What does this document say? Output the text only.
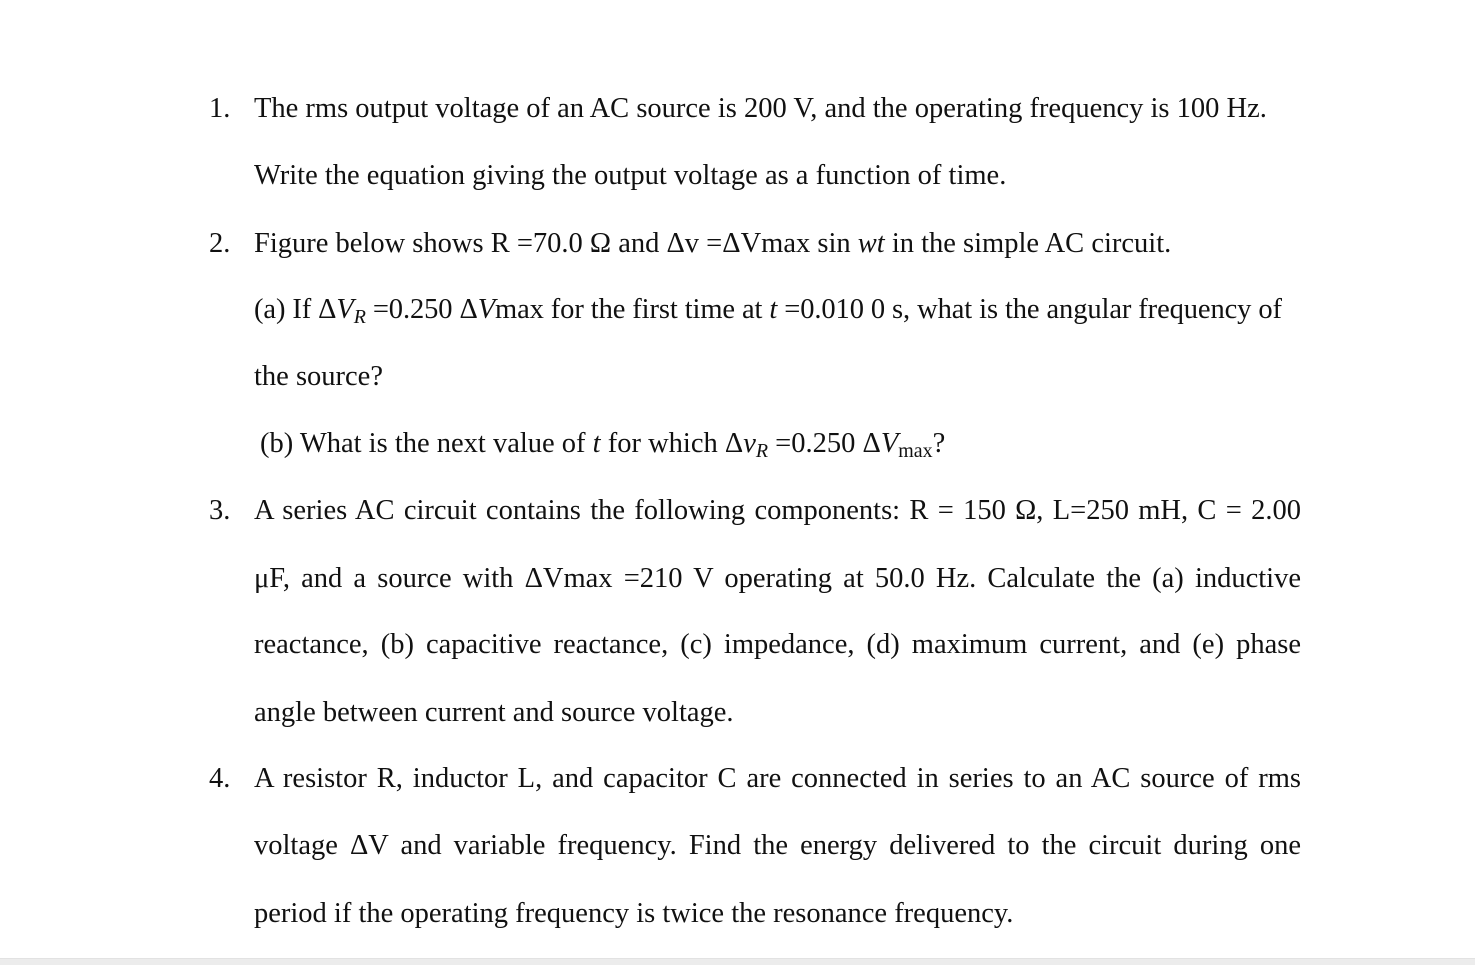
1. The rms output voltage of an AC source is 200 V, and the operating frequency is 100 Hz.
Write the equation giving the output voltage as a function of time.
2. Figure below shows R =70.0 Ω and Δv =ΔVmax sin wt in the simple AC circuit.
(a) If $\Delta V_R =0.250$ ΔVmax for the first time at t =0.010 0 s, what is the angular frequency of
the source?
(b) What is the next value of t for which $\Delta v_R =0.250$ $\Delta V_{max}$?
3. A series AC circuit contains the following components: R = 150 Ω, L=250 mH, C = 2.00
μF, and a source with ΔVmax =210 V operating at 50.0 Hz. Calculate the (a) inductive
reactance, (b) capacitive reactance, (c) impedance, (d) maximum current, and (e) phase
angle between current and source voltage.
4. A resistor R, inductor L, and capacitor C are connected in series to an AC source of rms
voltage ΔV and variable frequency. Find the energy delivered to the circuit during one
period if the operating frequency is twice the resonance frequency.
